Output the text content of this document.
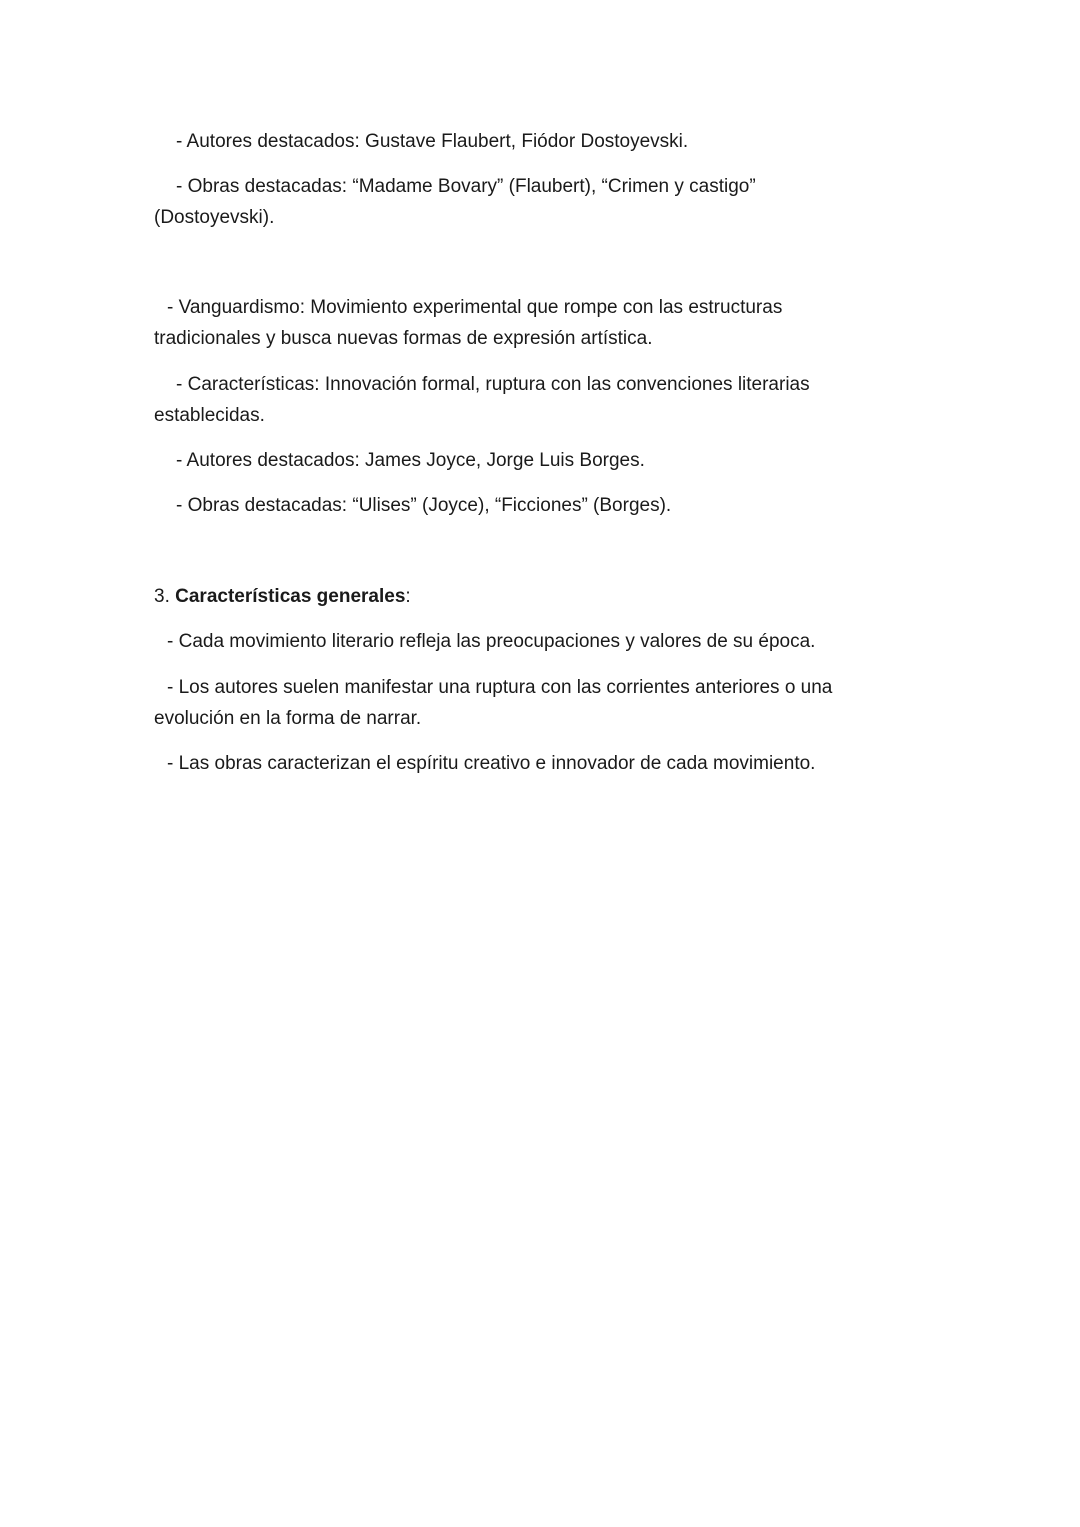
- Autores destacados: Gustave Flaubert, Fiódor Dostoyevski.
- Obras destacadas: “Madame Bovary” (Flaubert), “Crimen y castigo”
(Dostoyevski).
- Vanguardismo: Movimiento experimental que rompe con las estructuras
tradicionales y busca nuevas formas de expresión artística.
- Características: Innovación formal, ruptura con las convenciones literarias
establecidas.
- Autores destacados: James Joyce, Jorge Luis Borges.
- Obras destacadas: “Ulises” (Joyce), “Ficciones” (Borges).
3. Características generales:
- Cada movimiento literario refleja las preocupaciones y valores de su época.
- Los autores suelen manifestar una ruptura con las corrientes anteriores o una
evolución en la forma de narrar.
- Las obras caracterizan el espíritu creativo e innovador de cada movimiento.
